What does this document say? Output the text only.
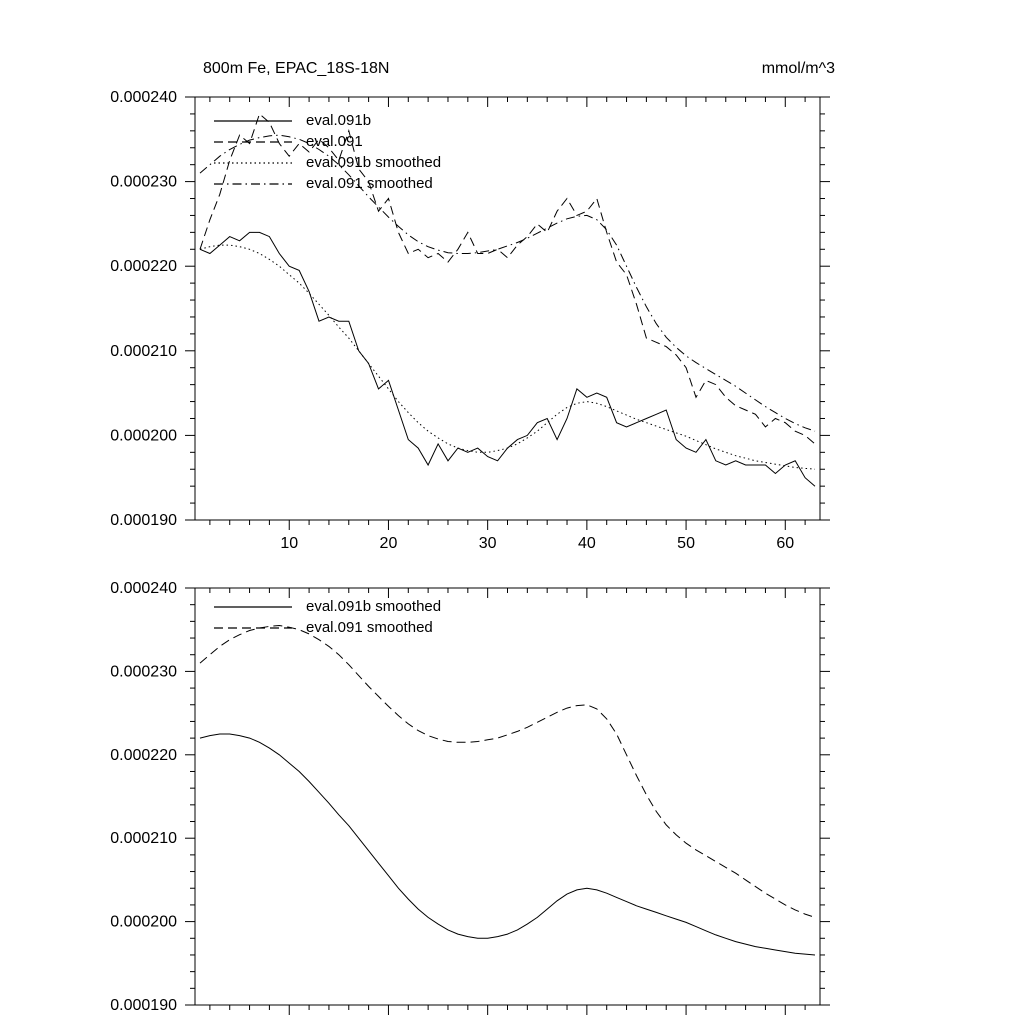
0.000240
0.000230
0.000220
0.000210
0.000200
0.000190
10	20	30	40	50	60
0.000240
0.000230
0.000220
0.000210
0.000200
0.000190
800m Fe, EPAC_18S-18N	mmol/m^3
eval.091b
eval.091
eval.091b smoothed
eval.091 smoothed
eval.091b smoothed
eval.091 smoothed
